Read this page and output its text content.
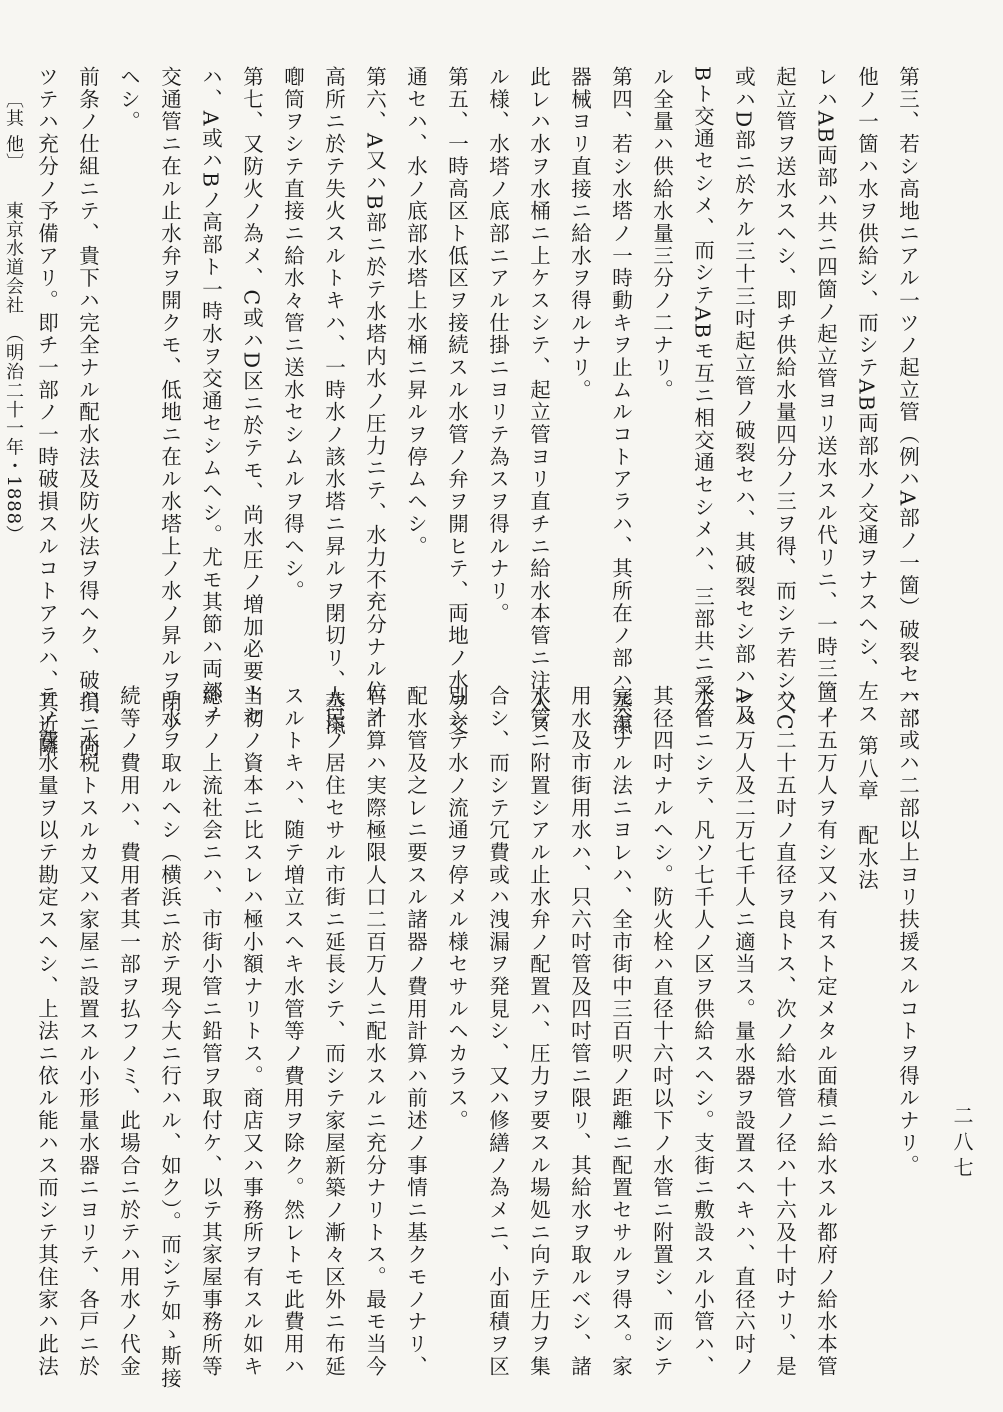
第三、若シ高地ニアル一ツノ起立管（例ハA部ノ一箇）破裂セハ、
他ノ一箇ハ水ヲ供給シ、而シテAB両部水ノ交通ヲナスヘシ、左ス
レハAB両部ハ共ニ四箇ノ起立管ヨリ送水スル代リニ、一時三箇ノ
起立管ヲ送水スヘシ、即チ供給水量四分ノ三ヲ得、而シテ若シ又C
或ハD部ニ於ケル三十三吋起立管ノ破裂セハ、其破裂セシ部ハA及
Bト交通セシメ、而シテABモ互ニ相交通セシメハ、三部共ニ受ク
ル全量ハ供給水量三分ノ二ナリ。
第四、若シ水塔ノ一時動キヲ止ムルコトアラハ、其所在ノ部ハ蒸滊
器械ヨリ直接ニ給水ヲ得ルナリ。
此レハ水ヲ水桶ニ上ケスシテ、起立管ヨリ直チニ給水本管ニ注入ス
ル様、水塔ノ底部ニアル仕掛ニヨリテ為スヲ得ルナリ。
第五、一時高区ト低区ヲ接続スル水管ノ弁ヲ開ヒテ、両地ノ水ヲ交
通セハ、水ノ底部水塔上水桶ニ昇ルヲ停ムヘシ。
第六、A又ハB部ニ於テ水塔内水ノ圧力ニテ、水力不充分ナル位ノ
高所ニ於テ失火スルトキハ、一時水ノ該水塔ニ昇ルヲ閉切リ、蒸滊
喞筒ヲシテ直接ニ給水々管ニ送水セシムルヲ得ヘシ。
第七、又防火ノ為メ、C或ハD区ニ於テモ、尚水圧ノ増加必要トセ
ハ、A或ハBノ高部ト一時水ヲ交通セシムヘシ。尤モ其節ハ両部ノ
交通管ニ在ル止水弁ヲ開クモ、低地ニ在ル水塔上ノ水ノ昇ルヲ閉ツ
ヘシ。
前条ノ仕組ニテ、貴下ハ完全ナル配水法及防火法ヲ得ヘク、破損ニ向
ツテハ充分ノ予備アリ。即チ一部ノ一時破損スルコトアラハ、其近隣
二八七
一部或ハ二部以上ヨリ扶援スルコトヲ得ルナリ。
第八章　配水法
二十五万人ヲ有シ又ハ有スト定メタル面積ニ給水スル都府ノ給水本管
ハ、二十五吋ノ直径ヲ良トス、次ノ給水管ノ径ハ十六及十吋ナリ、是
レハ万人及二万七千人ニ適当ス。量水器ヲ設置スヘキハ、直径六吋ノ
水管ニシテ、凡ソ七千人ノ区ヲ供給スヘシ。支街ニ敷設スル小管ハ、
其径四吋ナルヘシ。防火栓ハ直径十六吋以下ノ水管ニ附置シ、而シテ
完全ナル法ニヨレハ、全市街中三百呎ノ距離ニ配置セサルヲ得ス。家
用水及市街用水ハ、只六吋管及四吋管ニ限リ、其給水ヲ取ルベシ、諸
水管ニ附置シアル止水弁ノ配置ハ、圧力ヲ要スル場処ニ向テ圧力ヲ集
合シ、而シテ冗費或ハ洩漏ヲ発見シ、又ハ修繕ノ為メニ、小面積ヲ区
別シテ水ノ流通ヲ停メル様セサルヘカラス。
配水管及之レニ要スル諸器ノ費用計算ハ前述ノ事情ニ基クモノナリ、
右計算ハ実際極限人口二百万人ニ配水スルニ充分ナリトス。最モ当今
人民ノ居住セサル市街ニ延長シテ、而シテ家屋新築ノ漸々区外ニ布延
スルトキハ、随テ増立スヘキ水管等ノ費用ヲ除ク。然レトモ此費用ハ
当初ノ資本ニ比スレハ極小額ナリトス。商店又ハ事務所ヲ有スル如キ
総テノ上流社会ニハ、市街小管ニ鉛管ヲ取付ケ、以テ其家屋事務所等
ニ水ヲ取ルヘシ（横浜ニ於テ現今大ニ行ハル、如ク）。而シテ如ゝ斯接
続等ノ費用ハ、費用者其一部ヲ払フノミ、此場合ニ於テハ用水ノ代金
ハ、水税トスルカ又ハ家屋ニ設置スル小形量水器ニヨリテ、各戸ニ於
テノ費水量ヲ以テ勘定スヘシ、上法ニ依ル能ハス而シテ其住家ハ此法
〔其 他〕　　東京水道会社　（明治二十一年・1888）
